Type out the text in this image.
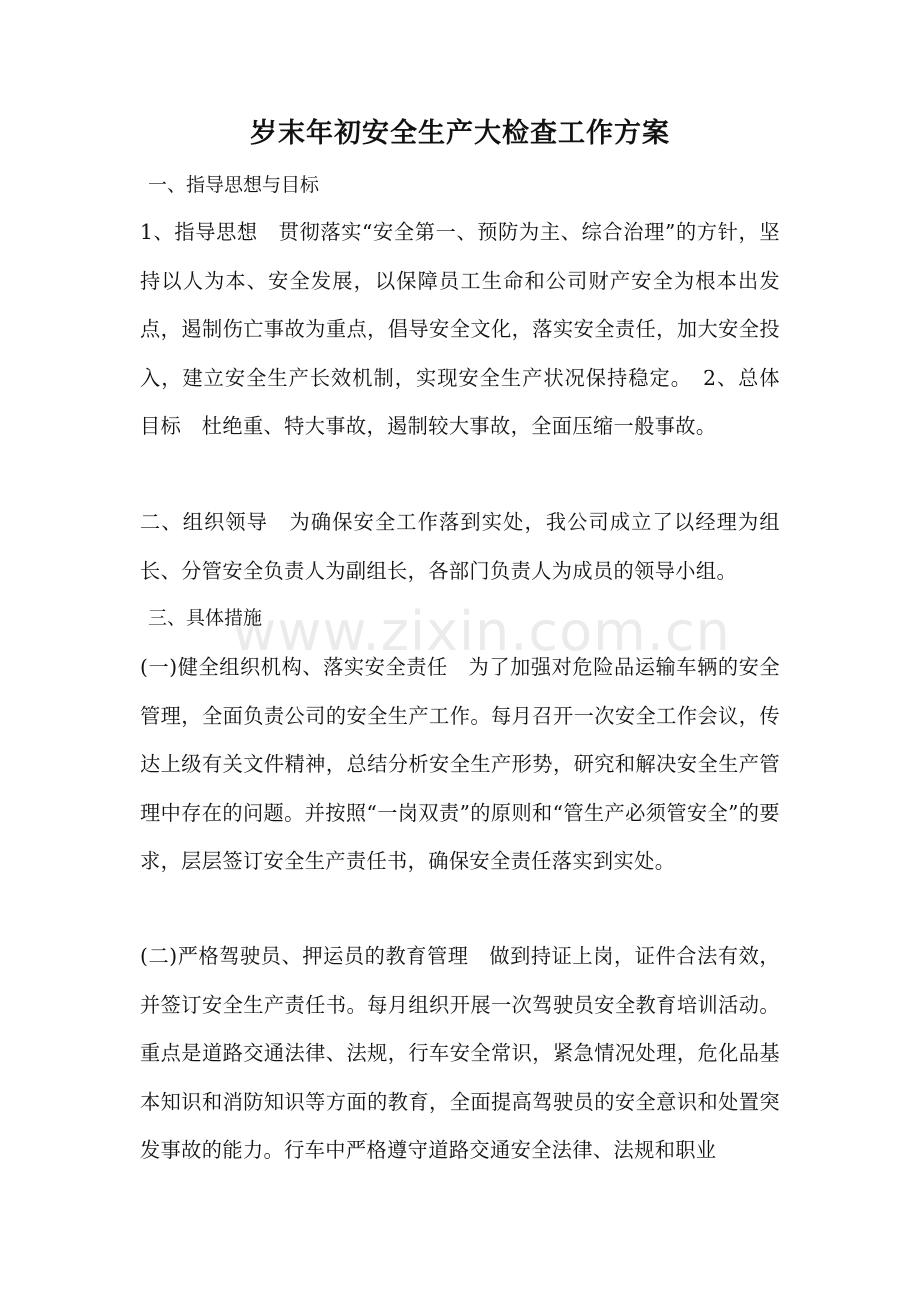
岁末年初安全生产大检查工作方案
一、指导思想与目标
1、指导思想　贯彻落实“安全第一、预防为主、综合治理”的方针，坚持以人为本、安全发展，以保障员工生命和公司财产安全为根本出发点，遏制伤亡事故为重点，倡导安全文化，落实安全责任，加大安全投入，建立安全生产长效机制，实现安全生产状况保持稳定。　2、总体目标　杜绝重、特大事故，遏制较大事故，全面压缩一般事故。
二、组织领导　为确保安全工作落到实处，我公司成立了以经理为组长、分管安全负责人为副组长，各部门负责人为成员的领导小组。
三、具体措施
(一)健全组织机构、落实安全责任　为了加强对危险品运输车辆的安全管理，全面负责公司的安全生产工作。每月召开一次安全工作会议，传达上级有关文件精神，总结分析安全生产形势，研究和解决安全生产管理中存在的问题。并按照“一岗双责”的原则和“管生产必须管安全”的要求，层层签订安全生产责任书，确保安全责任落实到实处。
(二)严格驾驶员、押运员的教育管理　做到持证上岗，证件合法有效，并签订安全生产责任书。每月组织开展一次驾驶员安全教育培训活动。重点是道路交通法律、法规，行车安全常识，紧急情况处理，危化品基本知识和消防知识等方面的教育，全面提高驾驶员的安全意识和处置突发事故的能力。行车中严格遵守道路交通安全法律、法规和职业
www.zixin.com.cn
